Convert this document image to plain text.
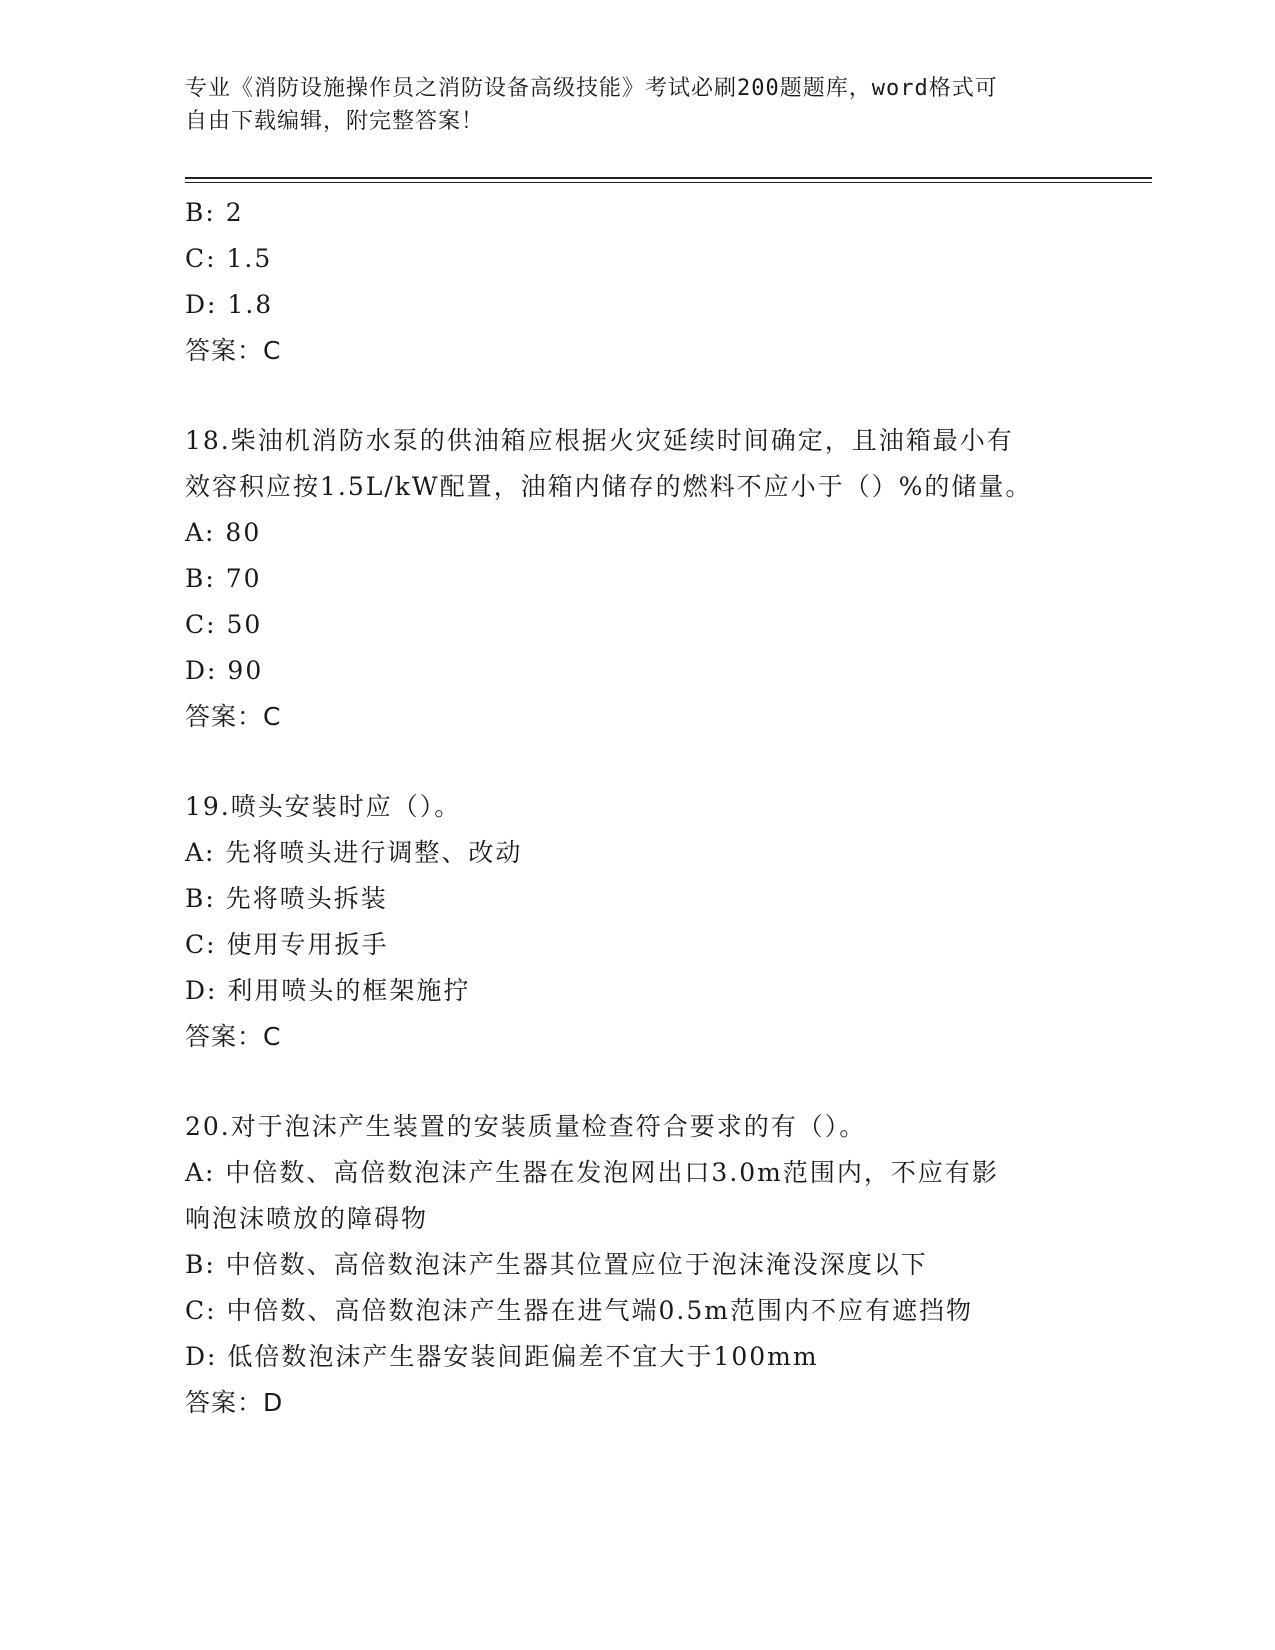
专业《消防设施操作员之消防设备高级技能》考试必刷200题题库，word格式可
自由下载编辑，附完整答案！
B: 2
C: 1.5
D: 1.8
答案：C
18.柴油机消防水泵的供油箱应根据火灾延续时间确定，且油箱最小有
效容积应按1.5L/kW配置，油箱内储存的燃料不应小于（）%的储量。
A: 80
B: 70
C: 50
D: 90
答案：C
19.喷头安装时应（）。
A: 先将喷头进行调整、改动
B: 先将喷头拆装
C: 使用专用扳手
D: 利用喷头的框架施拧
答案：C
20.对于泡沫产生装置的安装质量检查符合要求的有（）。
A: 中倍数、高倍数泡沫产生器在发泡网出口3.0m范围内，不应有影
响泡沫喷放的障碍物
B: 中倍数、高倍数泡沫产生器其位置应位于泡沫淹没深度以下
C: 中倍数、高倍数泡沫产生器在进气端0.5m范围内不应有遮挡物
D: 低倍数泡沫产生器安装间距偏差不宜大于100mm
答案：D
